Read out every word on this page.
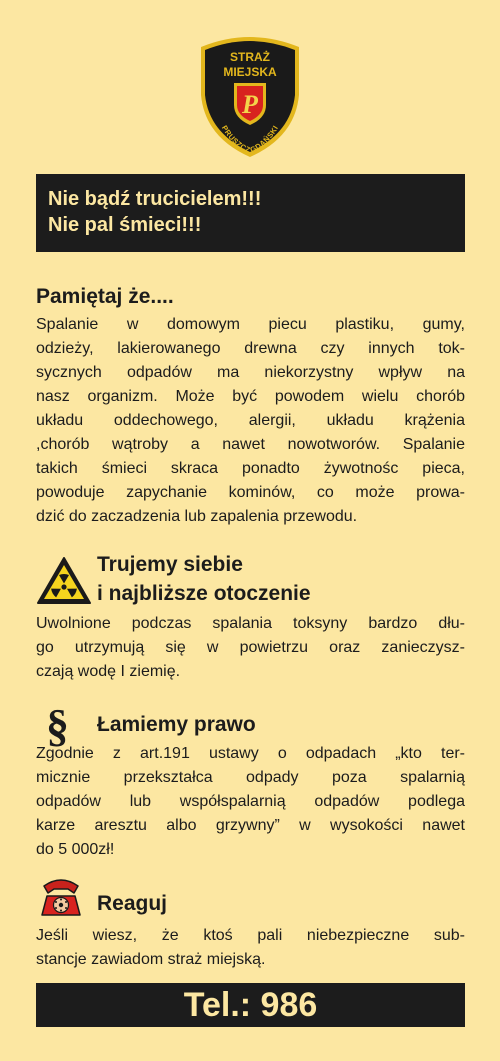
STRAŻ
MIEJSKA
P
PRUSZCZ GDAŃSKI
Nie bądź trucicielem!!!
Nie pal śmieci!!!
Pamiętaj że....
Spalanie w domowym piecu plastiku, gumy,
odzieży, lakierowanego drewna czy innych tok-
sycznych odpadów ma niekorzystny wpływ na
nasz organizm. Może być powodem wielu chorób
układu oddechowego, alergii, układu krążenia
,chorób wątroby a nawet nowotworów. Spalanie
takich śmieci skraca ponadto żywotnośc pieca,
powoduje zapychanie kominów, co może prowa-
dzić do zaczadzenia lub zapalenia przewodu.
Trujemy siebie
i najbliższe otoczenie
Uwolnione podczas spalania toksyny bardzo dłu-
go utrzymują się w powietrzu oraz zanieczysz-
czają wodę I ziemię.
§	Łamiemy prawo
Zgodnie z art.191 ustawy o odpadach „kto ter-
micznie przekształca odpady poza spalarnią
odpadów lub współspalarnią odpadów podlega
karze aresztu albo grzywny” w wysokości nawet
do 5 000zł!
Reaguj
Jeśli wiesz, że ktoś pali niebezpieczne sub-
stancje zawiadom straż miejską.
Tel.: 986
